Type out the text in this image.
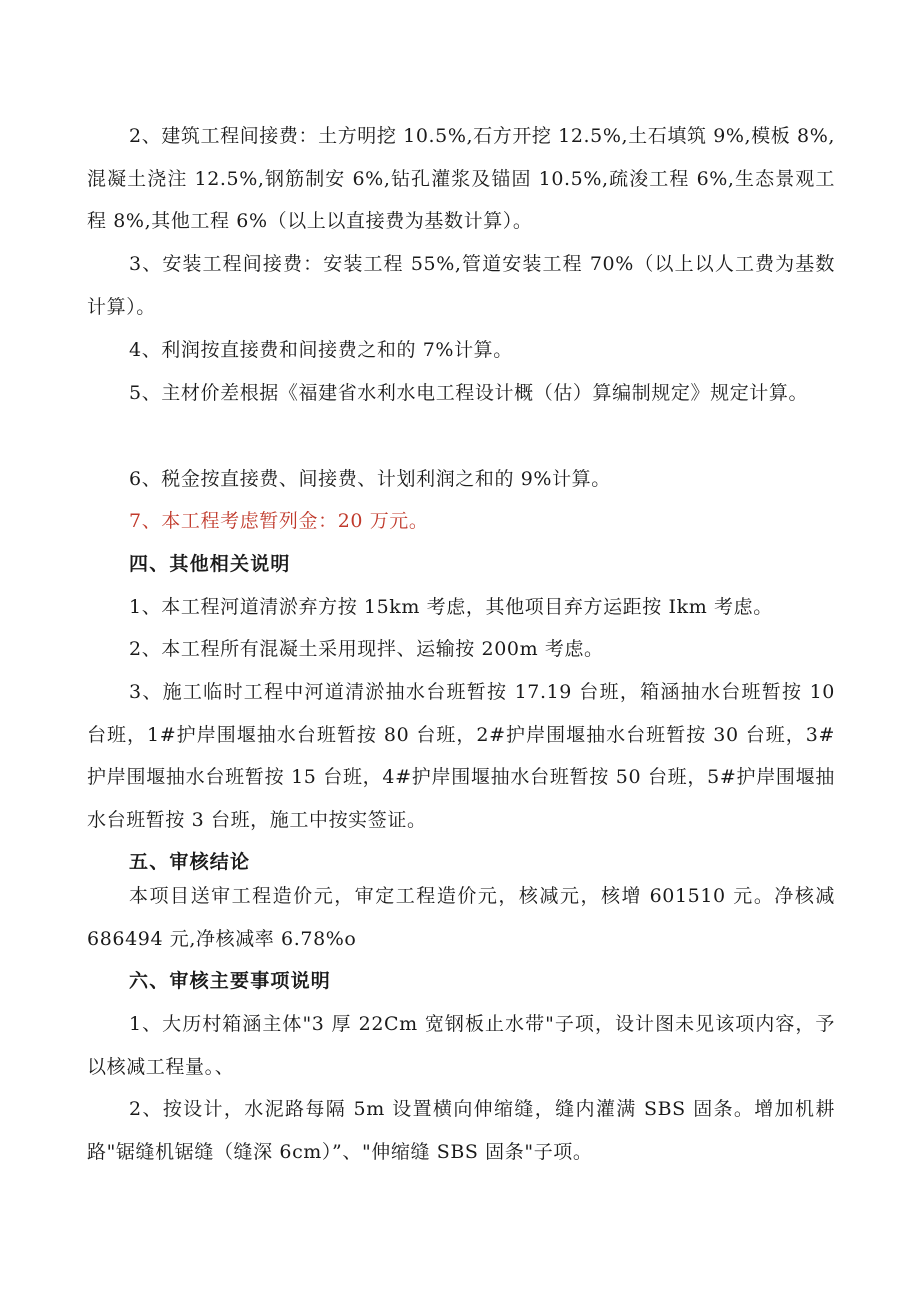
2、建筑工程间接费：土方明挖 10.5%,石方开挖 12.5%,土石填筑 9%,模板 8%,混凝土浇注 12.5%,钢筋制安 6%,钻孔灌浆及锚固 10.5%,疏浚工程 6%,生态景观工程 8%,其他工程 6%（以上以直接费为基数计算）。

3、安装工程间接费：安装工程 55%,管道安装工程 70%（以上以人工费为基数计算）。

4、利润按直接费和间接费之和的 7%计算。

5、主材价差根据《福建省水利水电工程设计概（估）算编制规定》规定计算。

6、税金按直接费、间接费、计划利润之和的 9%计算。

7、本工程考虑暂列金：20 万元。

四、其他相关说明

1、本工程河道清淤弃方按 15km 考虑，其他项目弃方运距按 Ikm 考虑。

2、本工程所有混凝土采用现拌、运输按 200m 考虑。

3、施工临时工程中河道清淤抽水台班暂按 17.19 台班，箱涵抽水台班暂按 10 台班，1#护岸围堰抽水台班暂按 80 台班，2#护岸围堰抽水台班暂按 30 台班，3#护岸围堰抽水台班暂按 15 台班，4#护岸围堰抽水台班暂按 50 台班，5#护岸围堰抽水台班暂按 3 台班，施工中按实签证。

五、审核结论

本项目送审工程造价元，审定工程造价元，核减元，核增 601510 元。净核减 686494 元,净核减率 6.78%o

六、审核主要事项说明

1、大历村箱涵主体"3 厚 22Cm 宽钢板止水带"子项，设计图未见该项内容，予以核减工程量。、

2、按设计，水泥路每隔 5m 设置横向伸缩缝，缝内灌满 SBS 固条。增加机耕路"锯缝机锯缝（缝深 6cm）”、"伸缩缝 SBS 固条"子项。
